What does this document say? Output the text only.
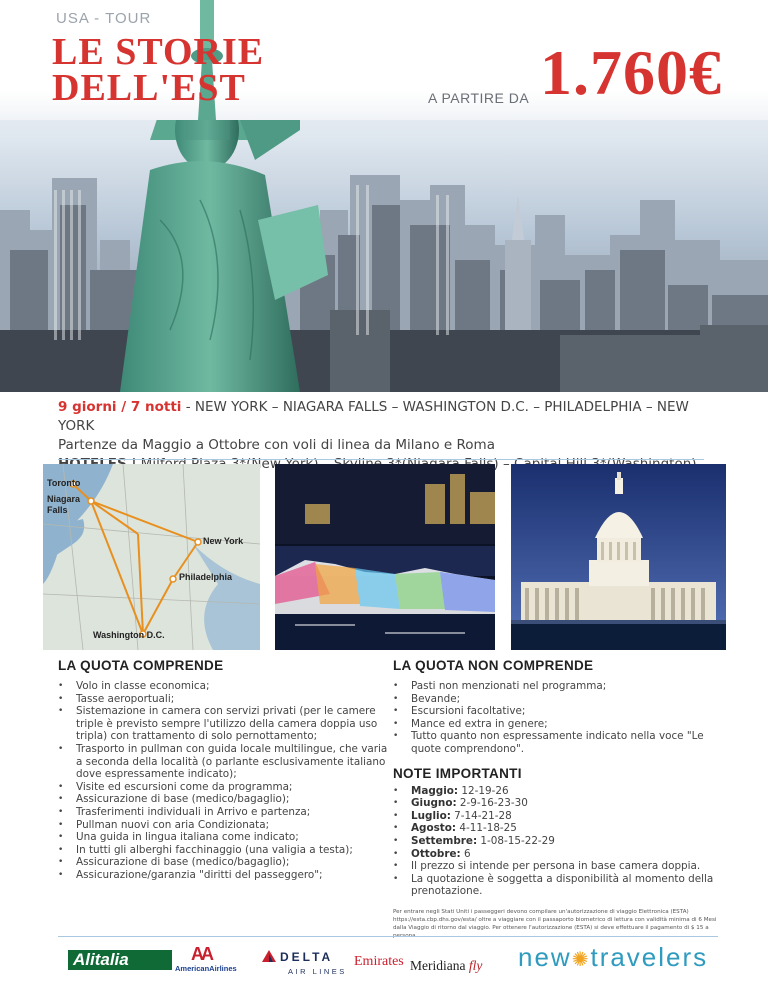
USA - TOUR
LE STORIE
DELL'EST	A PARTIRE DA 1.760€
9 giorni / 7 notti - NEW YORK – NIAGARA FALLS – WASHINGTON D.C. – PHILADELPHIA – NEW YORK
Partenze da Maggio a Ottobre con voli di linea da Milano e Roma
–
Toronto
Niagara Falls
New York
Philadelphia
Washington D.C.
LA QUOTA COMPRENDE
• Volo in classe economica;
• Tasse aeroportuali;
• Sistemazione in camera con servizi privati (per le camere triple è previsto sempre l'utilizzo della camera doppia uso tripla) con trattamento di solo pernottamento;
• Trasporto in pullman con guida locale multilingue, che varia a seconda della località (o parlante esclusivamente italiano dove espressamente indicato);
• Visite ed escursioni come da programma;
• Assicurazione di base (medico/bagaglio);
• Trasferimenti individuali in Arrivo e partenza;
• Pullman nuovi con aria Condizionata;
• Una guida in lingua italiana come indicato;
• In tutti gli alberghi facchinaggio (una valigia a testa);
• Assicurazione di base (medico/bagaglio);
• Assicurazione/garanzia "diritti del passeggero";
LA QUOTA NON COMPRENDE
• Pasti non menzionati nel programma;
• Bevande;
• Escursioni facoltative;
• Mance ed extra in genere;
• Tutto quanto non espressamente indicato nella voce "Le quote comprendono".
NOTE IMPORTANTI
• Maggio: 12-19-26
• Giugno: 2-9-16-23-30
• Luglio: 7-14-21-28
• Agosto: 4-11-18-25
• Settembre: 1-08-15-22-29
• Ottobre: 6
• Il prezzo si intende per persona in base camera doppia.
• La quotazione è soggetta a disponibilità al momento della prenotazione.
Per entrare negli Stati Uniti i passeggeri devono compilare un'autorizzazione di viaggio Elettronica (ESTA) https://esta.cbp.dhs.gov/esta/ oltre a viaggiare con il passaporto biometrico di lettura con validità minima di 6 Mesi dalla Viaggio di ritorno dal viaggio. Per ottenere l'autorizzazione (ESTA) si deve effettuare il pagamento di $ 15 a
Alitalia	AA
AmericanAirlines
DELTA
AIR LINES
Emirates Meridiana fly	new✺travelers
